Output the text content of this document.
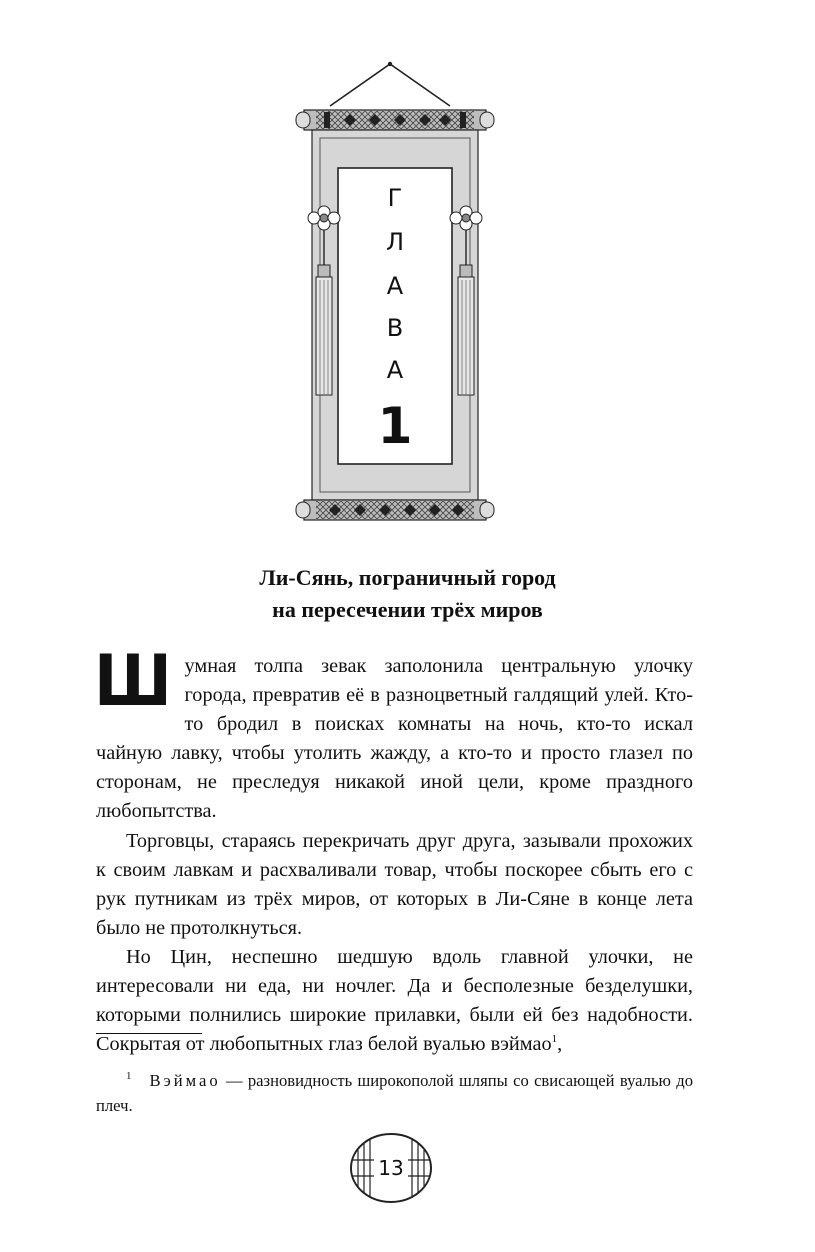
Г
Л
А
В
А
1
Ли-Сянь, пограничный город
на пересечении трёх миров

Шумная толпа зевак заполонила центральную улочку города, превратив её в разноцветный галдящий улей. Кто-то бродил в поисках комнаты на ночь, кто-то искал чайную лавку, чтобы утолить жажду, а кто-то и просто глазел по сторонам, не преследуя никакой иной цели, кроме праздного любопытства.

Торговцы, стараясь перекричать друг друга, зазывали прохожих к своим лавкам и расхваливали товар, чтобы поскорее сбыть его с рук путникам из трёх миров, от которых в Ли-Сяне в конце лета было не протолкнуться.

Но Цин, неспешно шедшую вдоль главной улочки, не интересовали ни еда, ни ночлег. Да и бесполезные безделушки, которыми полнились широкие прилавки, были ей без надобности. Сокрытая от любопытных глаз белой вуалью вэймао$^1$,

$^1$ Вэймао — разновидность широкополой шляпы со свисающей вуалью до плеч.
13
